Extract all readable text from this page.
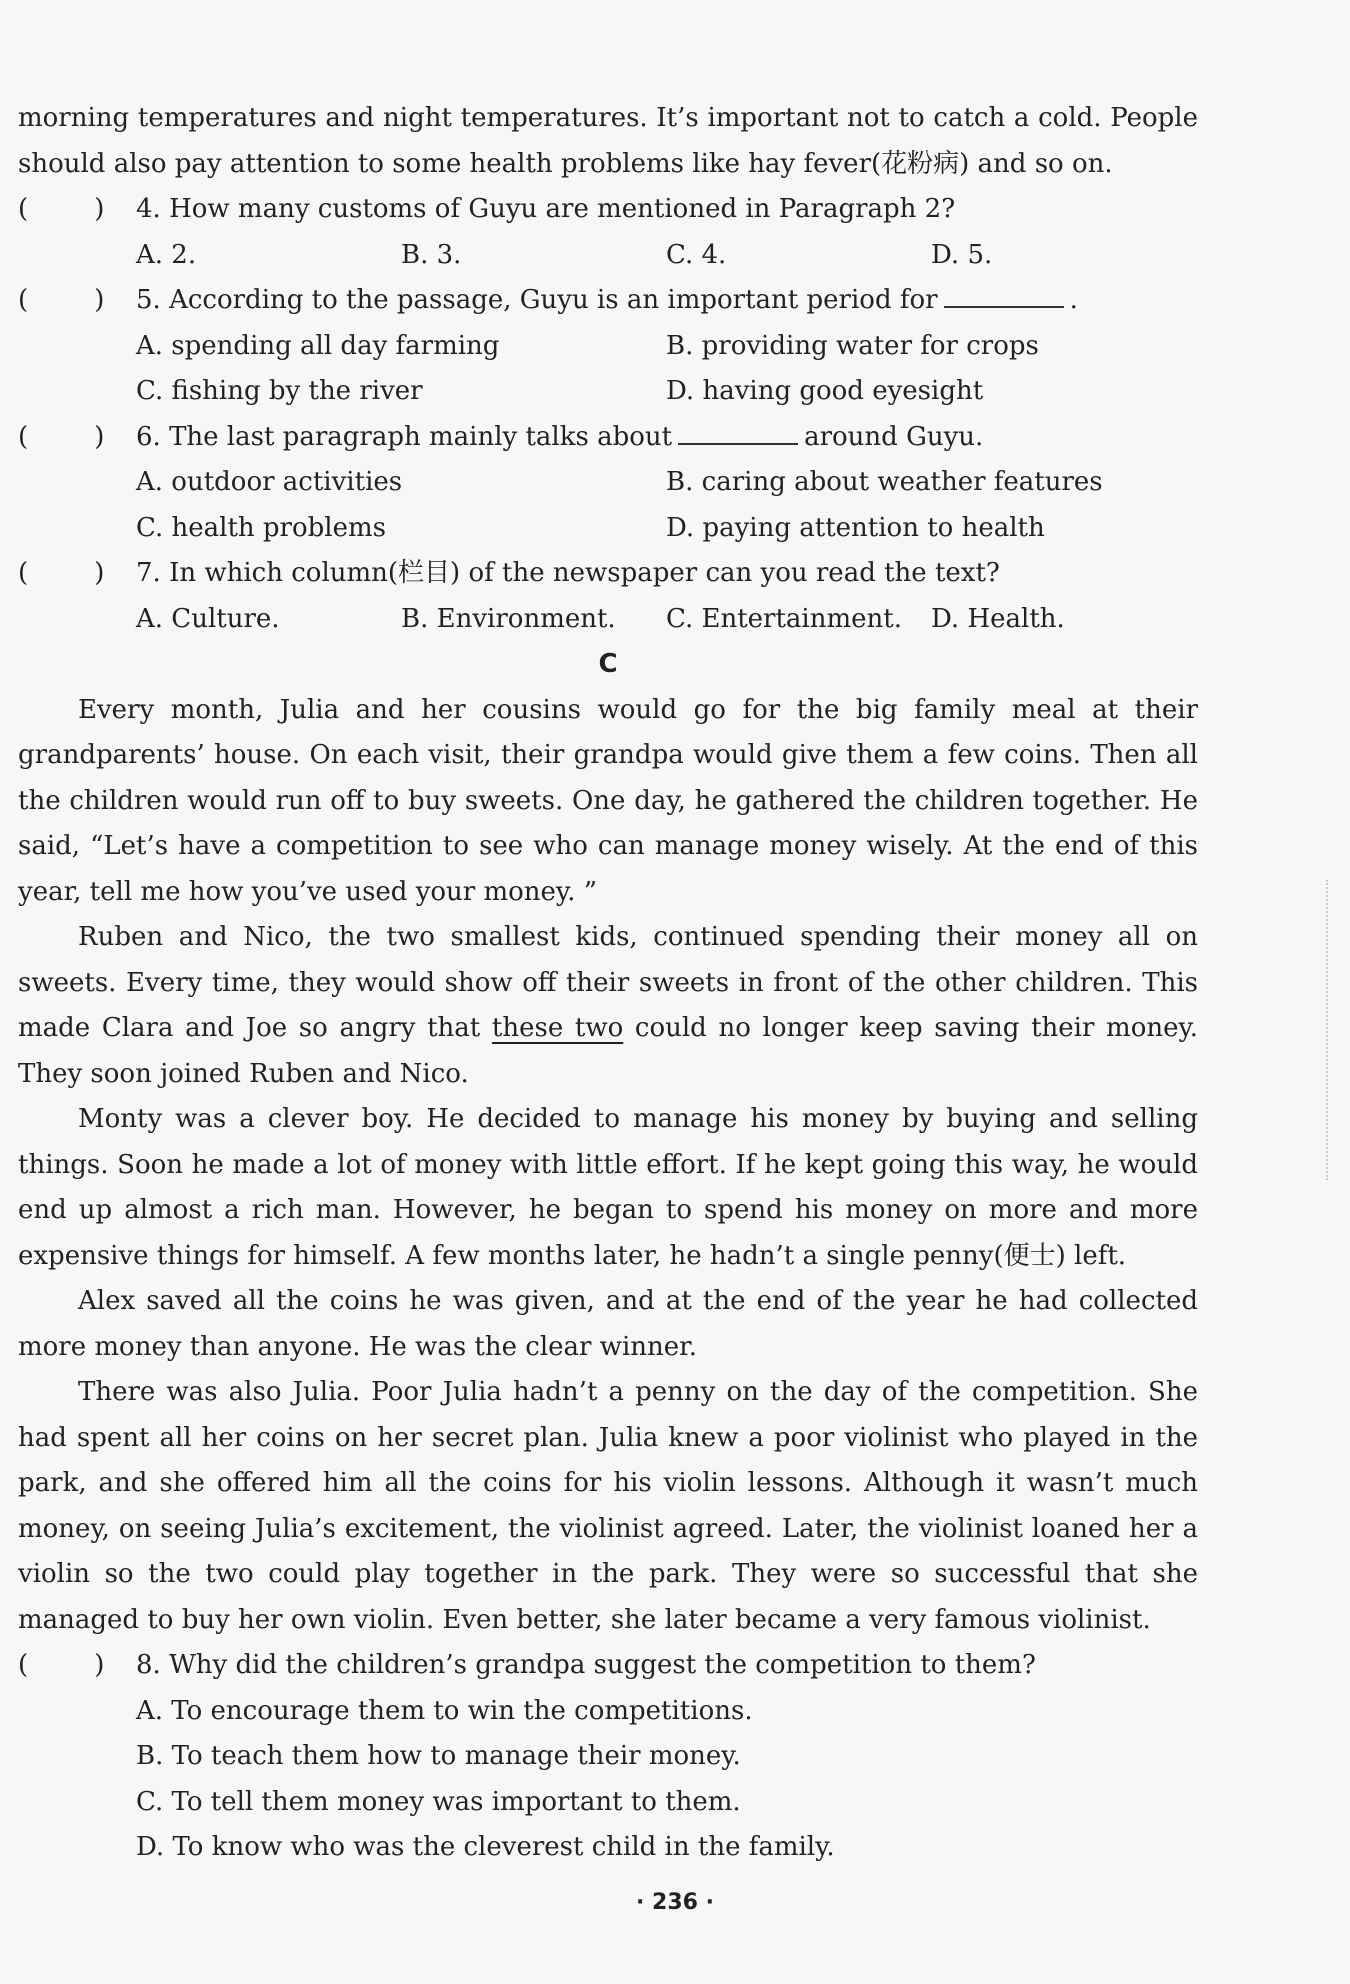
morning temperatures and night temperatures. It’s important not to catch a cold. People should also pay attention to some health problems like hay fever(花粉病) and so on.

(        )	4. How many customs of Guyu are mentioned in Paragraph 2?
A. 2.	B. 3.	C. 4.	D. 5.
(        )	5. According to the passage, Guyu is an important period for	.
A. spending all day farming	B. providing water for crops
C. fishing by the river	D. having good eyesight
(        )	6. The last paragraph mainly talks about	around Guyu.
A. outdoor activities	B. caring about weather features
C. health problems	D. paying attention to health
(        )	7. In which column(栏目) of the newspaper can you read the text?
A. Culture.	B. Environment.	C. Entertainment.	D. Health.

C

Every month, Julia and her cousins would go for the big family meal at their grandparents’ house. On each visit, their grandpa would give them a few coins. Then all the children would run off to buy sweets. One day, he gathered the children together. He said, “Let’s have a competition to see who can manage money wisely. At the end of this year, tell me how you’ve used your money. ”

Ruben and Nico, the two smallest kids, continued spending their money all on sweets. Every time, they would show off their sweets in front of the other children. This made Clara and Joe so angry that these two could no longer keep saving their money. They soon joined Ruben and Nico.

Monty was a clever boy. He decided to manage his money by buying and selling things. Soon he made a lot of money with little effort. If he kept going this way, he would end up almost a rich man. However, he began to spend his money on more and more expensive things for himself. A few months later, he hadn’t a single penny(便士) left.

Alex saved all the coins he was given, and at the end of the year he had collected more money than anyone. He was the clear winner.

There was also Julia. Poor Julia hadn’t a penny on the day of the competition. She had spent all her coins on her secret plan. Julia knew a poor violinist who played in the park, and she offered him all the coins for his violin lessons. Although it wasn’t much money, on seeing Julia’s excitement, the violinist agreed. Later, the violinist loaned her a violin so the two could play together in the park. They were so successful that she managed to buy her own violin. Even better, she later became a very famous violinist.

(        )	8. Why did the children’s grandpa suggest the competition to them?
A. To encourage them to win the competitions.
B. To teach them how to manage their money.
C. To tell them money was important to them.
D. To know who was the cleverest child in the family.
· 236 ·
